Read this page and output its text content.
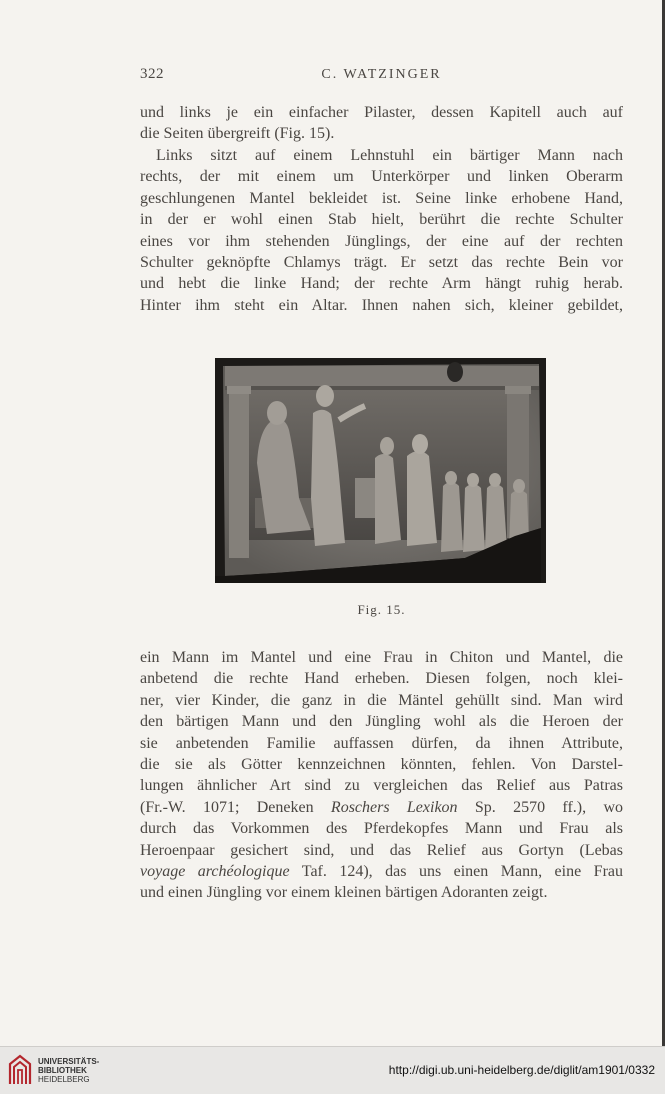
322	C. WATZINGER
und links je ein einfacher Pilaster, dessen Kapitell auch auf
die Seiten übergreift (Fig. 15).
Links sitzt auf einem Lehnstuhl ein bärtiger Mann nach
rechts, der mit einem um Unterkörper und linken Oberarm
geschlungenen Mantel bekleidet ist. Seine linke erhobene Hand,
in der er wohl einen Stab hielt, berührt die rechte Schulter
eines vor ihm stehenden Jünglings, der eine auf der rechten
Schulter geknöpfte Chlamys trägt. Er setzt das rechte Bein vor
und hebt die linke Hand; der rechte Arm hängt ruhig herab.
Hinter ihm steht ein Altar. Ihnen nahen sich, kleiner gebildet,
Fig. 15.
ein Mann im Mantel und eine Frau in Chiton und Mantel, die
anbetend die rechte Hand erheben. Diesen folgen, noch klei-
ner, vier Kinder, die ganz in die Mäntel gehüllt sind. Man wird
den bärtigen Mann und den Jüngling wohl als die Heroen der
sie anbetenden Familie auffassen dürfen, da ihnen Attribute,
die sie als Götter kennzeichnen könnten, fehlen. Von Darstel-
lungen ähnlicher Art sind zu vergleichen das Relief aus Patras
(Fr.-W. 1071; Deneken Roschers Lexikon Sp. 2570 ff.), wo
durch das Vorkommen des Pferdekopfes Mann und Frau als
Heroenpaar gesichert sind, und das Relief aus Gortyn (Lebas
voyage archéologique Taf. 124), das uns einen Mann, eine Frau
und einen Jüngling vor einem kleinen bärtigen Adoranten zeigt.
UNIVERSITÄTS-
BIBLIOTHEK
HEIDELBERG
http://digi.ub.uni-heidelberg.de/diglit/am1901/0332
